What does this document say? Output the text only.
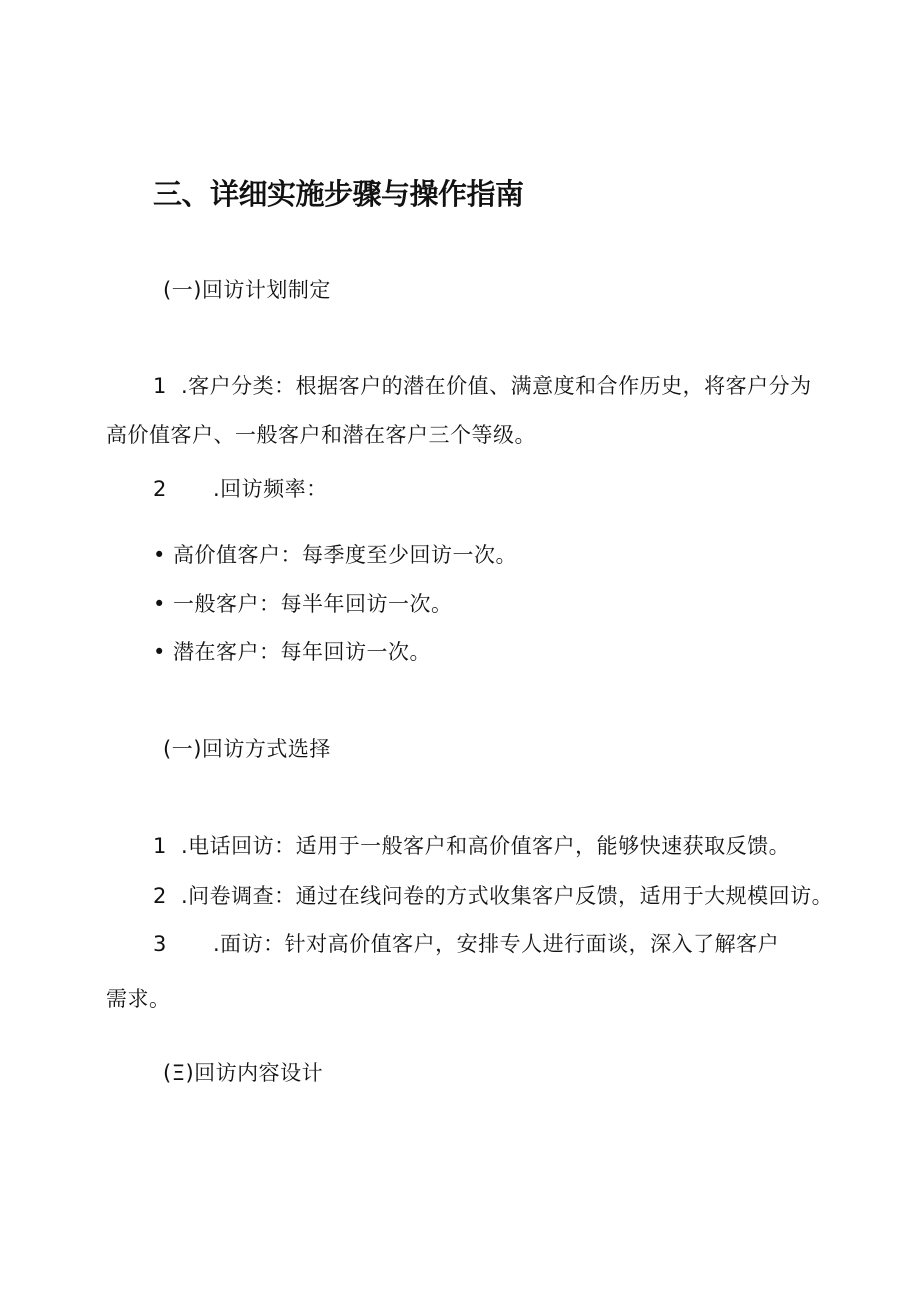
三、详细实施步骤与操作指南
(一)回访计划制定
1 .客户分类：根据客户的潜在价值、满意度和合作历史，将客户分为
高价值客户、一般客户和潜在客户三个等级。
2 .回访频率：
• 高价值客户：每季度至少回访一次。
• 一般客户：每半年回访一次。
• 潜在客户：每年回访一次。
(一)回访方式选择
1 .电话回访：适用于一般客户和高价值客户，能够快速获取反馈。
2 .问卷调查：通过在线问卷的方式收集客户反馈，适用于大规模回访。
3 .面访：针对高价值客户，安排专人进行面谈，深入了解客户
需求。
(Ξ)回访内容设计
